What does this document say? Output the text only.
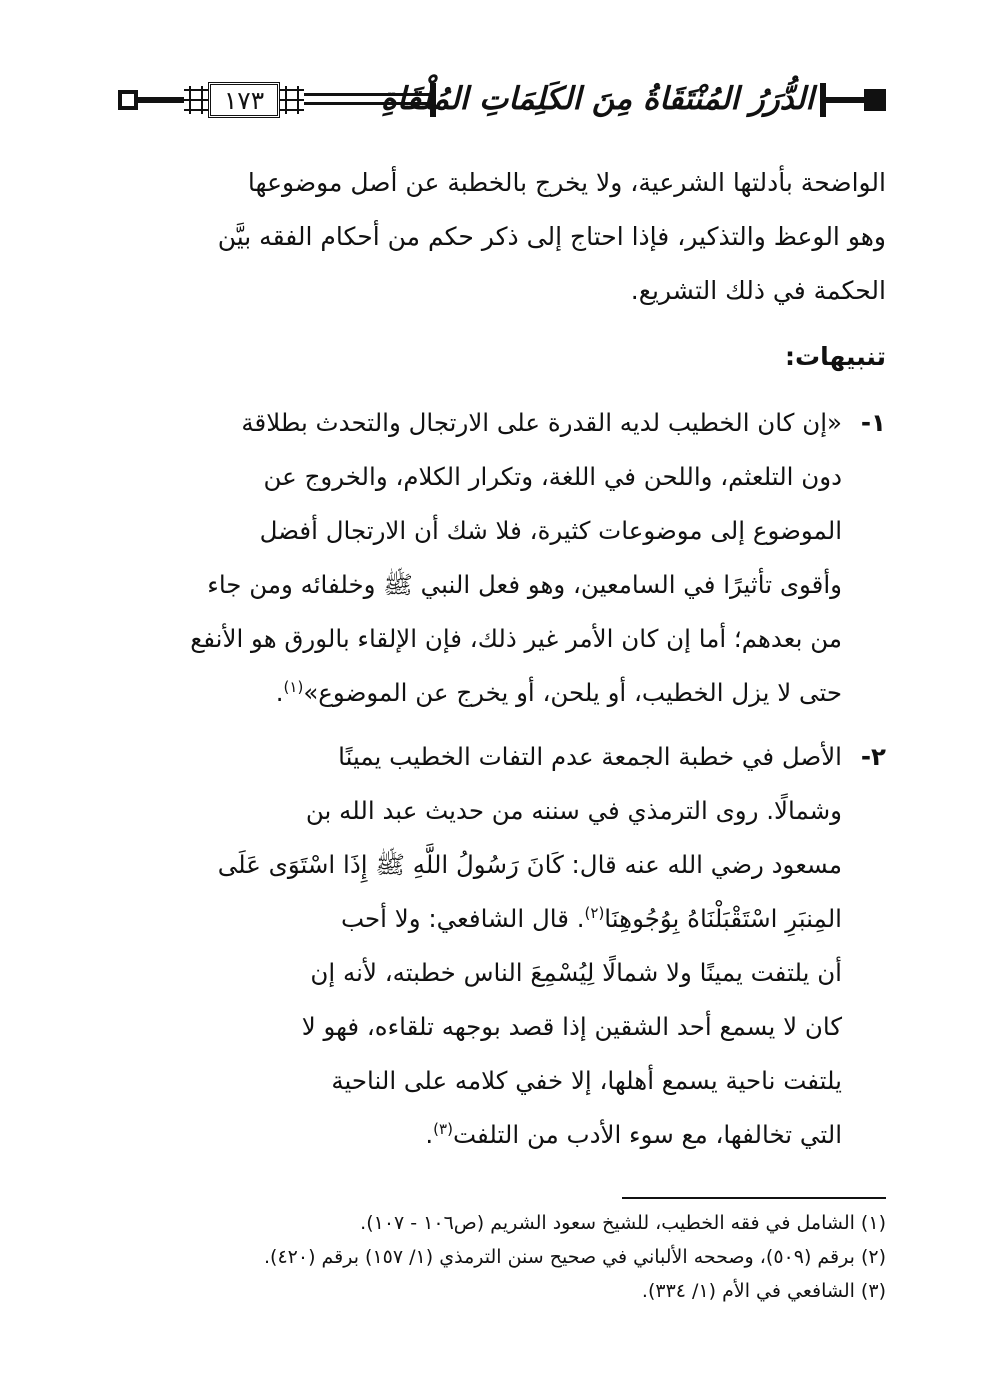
١٧٣	الدُّرَرُ المُنْتَقَاةُ مِنَ الكَلِمَاتِ المُلْقَاةِ
الواضحة بأدلتها الشرعية، ولا يخرج بالخطبة عن أصل موضوعها
وهو الوعظ والتذكير، فإذا احتاج إلى ذكر حكم من أحكام الفقه بيَّن
الحكمة في ذلك التشريع.
تنبيهات:
١-
«إن كان الخطيب لديه القدرة على الارتجال والتحدث بطلاقة
دون التلعثم، واللحن في اللغة، وتكرار الكلام، والخروج عن
الموضوع إلى موضوعات كثيرة، فلا شك أن الارتجال أفضل
وأقوى تأثيرًا في السامعين، وهو فعل النبي ﷺ وخلفائه ومن جاء
من بعدهم؛ أما إن كان الأمر غير ذلك، فإن الإلقاء بالورق هو الأنفع
حتى لا يزل الخطيب، أو يلحن، أو يخرج عن الموضوع»$^{(١)}$.
٢-
الأصل في خطبة الجمعة عدم التفات الخطيب يمينًا
وشمالًا. روى الترمذي في سننه من حديث عبد الله بن
مسعود رضي الله عنه قال: كَانَ رَسُولُ اللَّهِ ﷺ إِذَا اسْتَوَى عَلَى
المِنبَرِ اسْتَقْبَلْنَاهُ بِوُجُوهِنَا$^{(٢)}$. قال الشافعي: ولا أحب
أن يلتفت يمينًا ولا شمالًا لِيُسْمِعَ الناس خطبته، لأنه إن
كان لا يسمع أحد الشقين إذا قصد بوجهه تلقاءه، فهو لا
يلتفت ناحية يسمع أهلها، إلا خفي كلامه على الناحية
التي تخالفها، مع سوء الأدب من التلفت$^{(٣)}$.
(١) الشامل في فقه الخطيب، للشيخ سعود الشريم (ص١٠٦ - ١٠٧).
(٢) برقم (٥٠٩)، وصححه الألباني في صحيح سنن الترمذي (١/ ١٥٧) برقم (٤٢٠).
(٣) الشافعي في الأم (١/ ٣٣٤).
